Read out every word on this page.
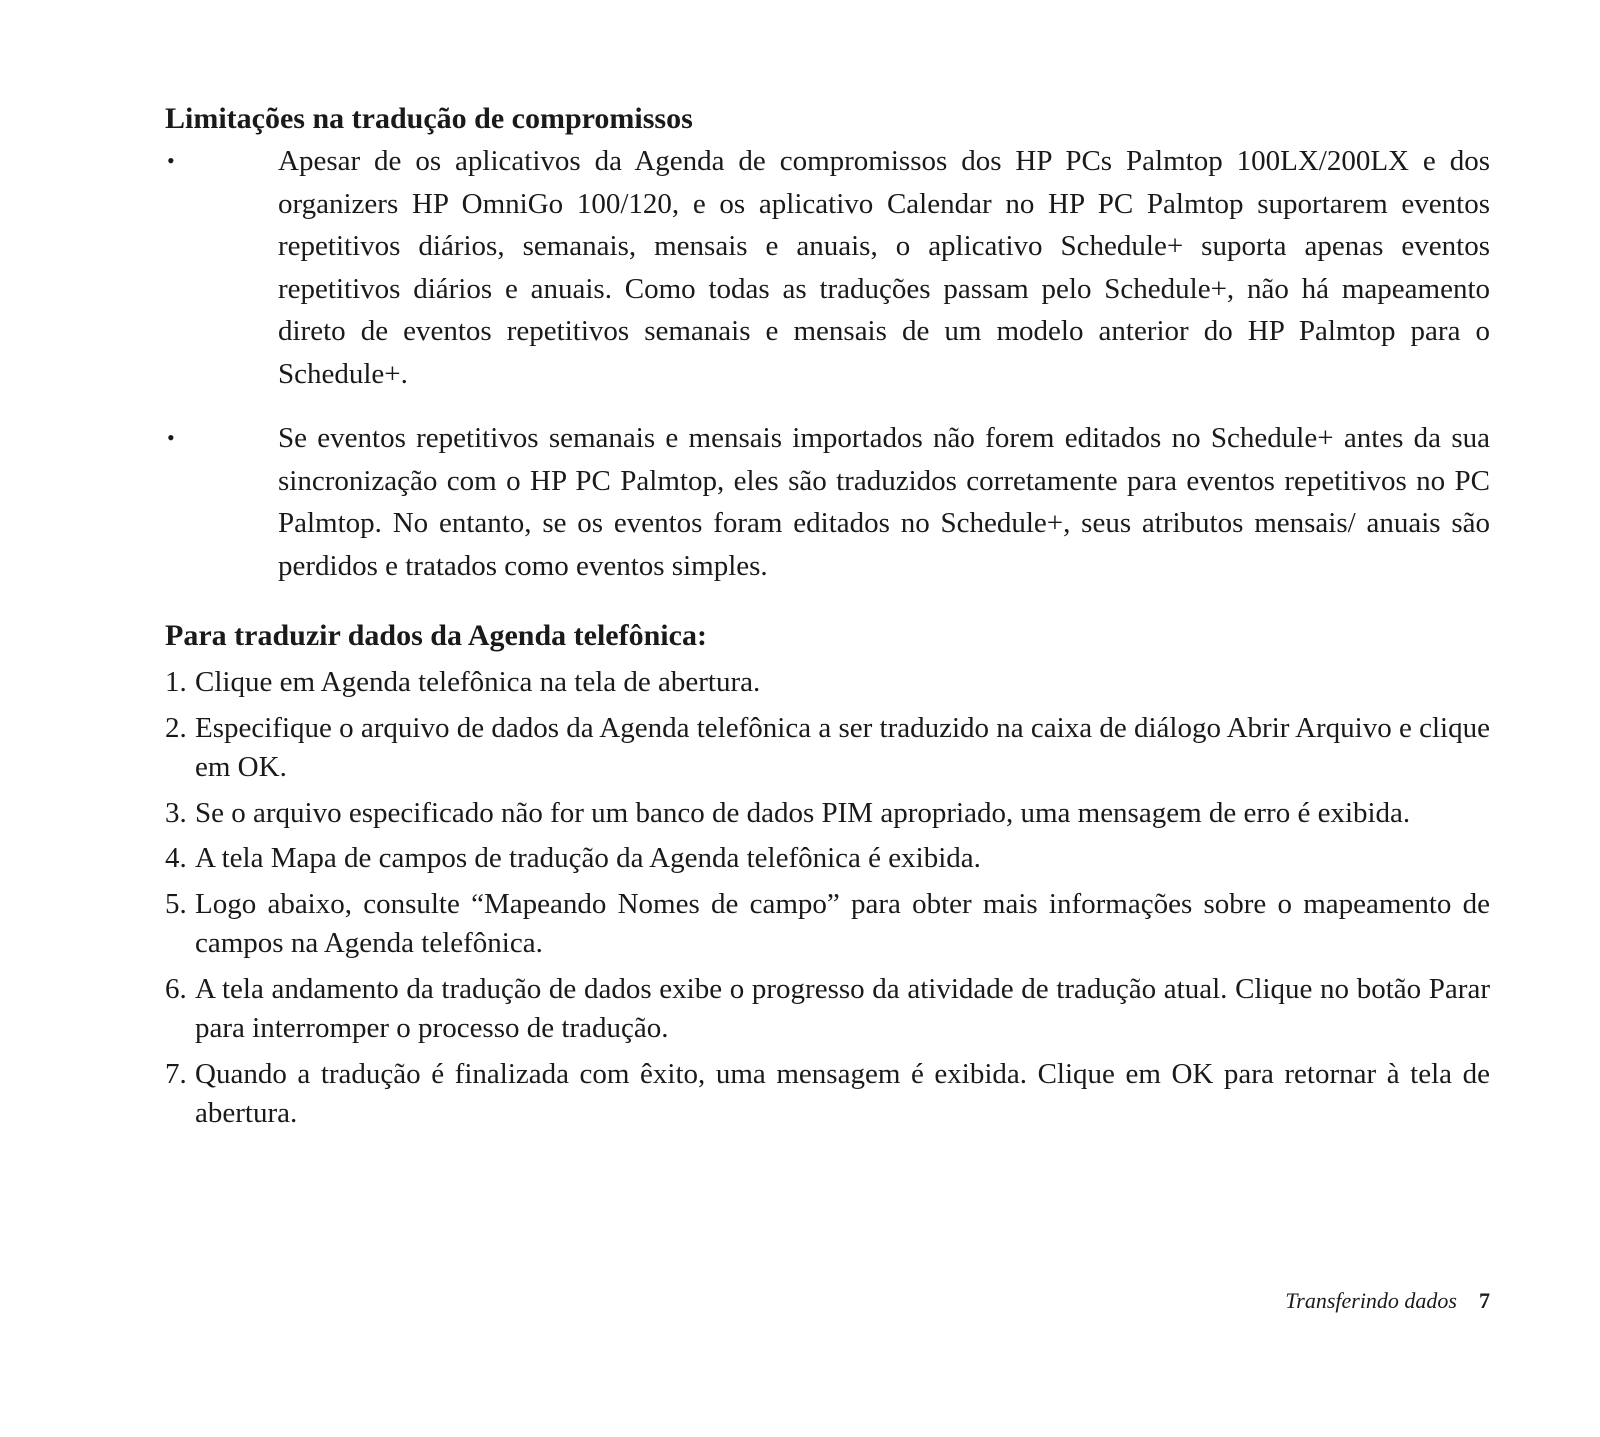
Limitações na tradução de compromissos
•	Apesar de os aplicativos da Agenda de compromissos dos HP PCs Palmtop 100LX/200LX e dos organizers HP OmniGo 100/120, e os aplicativo Calendar no HP PC Palmtop suportarem eventos repetitivos diários, semanais, mensais e anuais, o aplicativo Schedule+ suporta apenas eventos repetitivos diários e anuais. Como todas as traduções passam pelo Schedule+, não há mapeamento direto de eventos repetitivos semanais e mensais de um modelo anterior do HP Palmtop para o Schedule+.
•	Se eventos repetitivos semanais e mensais importados não forem editados no Schedule+ antes da sua sincronização com o HP PC Palmtop, eles são traduzidos corretamente para eventos repetitivos no PC Palmtop. No entanto, se os eventos foram editados no Schedule+, seus atributos mensais/ anuais são perdidos e tratados como eventos simples.
Para traduzir dados da Agenda telefônica:
1. Clique em Agenda telefônica na tela de abertura.
2. Especifique o arquivo de dados da Agenda telefônica a ser traduzido na caixa de diálogo Abrir Arquivo e clique em OK.
3. Se o arquivo especificado não for um banco de dados PIM apropriado, uma mensagem de erro é exibida.
4. A tela Mapa de campos de tradução da Agenda telefônica é exibida.
5. Logo abaixo, consulte “Mapeando Nomes de campo” para obter mais informações sobre o mapeamento de campos na Agenda telefônica.
6. A tela andamento da tradução de dados exibe o progresso da atividade de tradução atual. Clique no botão Parar para interromper o processo de tradução.
7. Quando a tradução é finalizada com êxito, uma mensagem é exibida. Clique em OK para retornar à tela de abertura.
Transferindo dados 7
